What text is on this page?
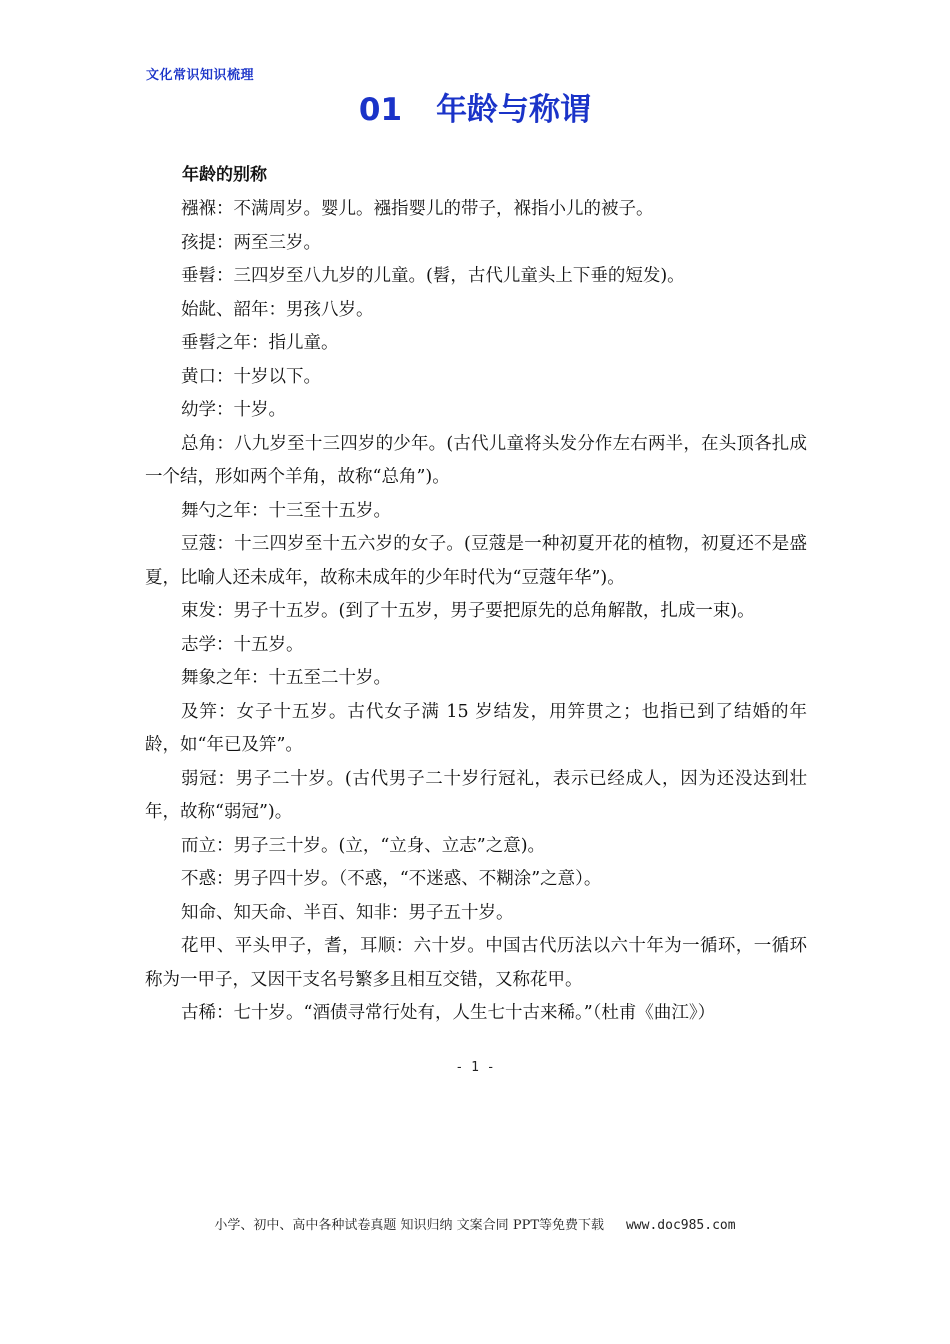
文化常识知识梳理
01 年龄与称谓
年龄的别称

襁褓：不满周岁。婴儿。襁指婴儿的带子，褓指小儿的被子。

孩提：两至三岁。

垂髫：三四岁至八九岁的儿童。(髫，古代儿童头上下垂的短发)。

始龀、韶年：男孩八岁。

垂髫之年：指儿童。

黄口：十岁以下。

幼学：十岁。

总角：八九岁至十三四岁的少年。(古代儿童将头发分作左右两半，在头顶各扎成一个结，形如两个羊角，故称“总角”)。

舞勺之年：十三至十五岁。

豆蔻：十三四岁至十五六岁的女子。(豆蔻是一种初夏开花的植物，初夏还不是盛夏，比喻人还未成年，故称未成年的少年时代为“豆蔻年华”)。

束发：男子十五岁。(到了十五岁，男子要把原先的总角解散，扎成一束)。

志学：十五岁。

舞象之年：十五至二十岁。

及笄：女子十五岁。古代女子满 15 岁结发，用笄贯之；也指已到了结婚的年龄，如“年已及笄”。

弱冠：男子二十岁。(古代男子二十岁行冠礼，表示已经成人，因为还没达到壮年，故称“弱冠”)。

而立：男子三十岁。(立，“立身、立志”之意)。

不惑：男子四十岁。（不惑，“不迷惑、不糊涂”之意）。

知命、知天命、半百、知非：男子五十岁。

花甲、平头甲子，耆，耳顺：六十岁。中国古代历法以六十年为一循环，一循环称为一甲子，又因干支名号繁多且相互交错，又称花甲。

古稀：七十岁。“酒债寻常行处有，人生七十古来稀。”（杜甫《曲江》）

- 1 -
小学、初中、高中各种试卷真题 知识归纳 文案合同 PPT等免费下载 www.doc985.com
